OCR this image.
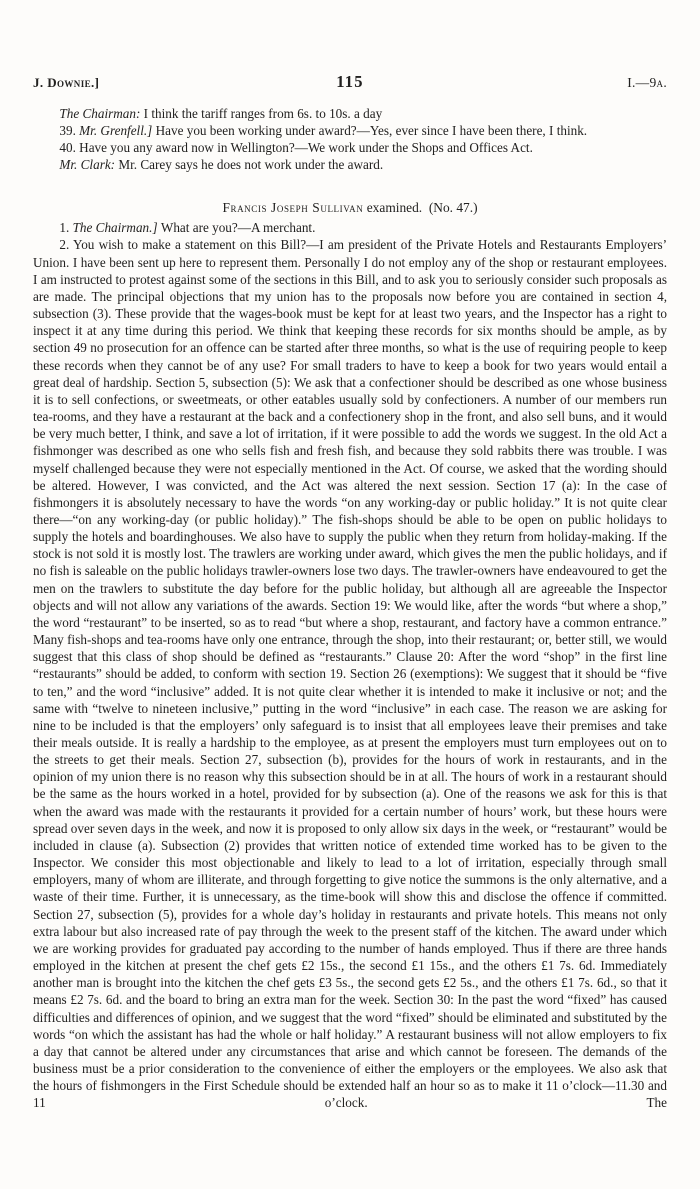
J. Downie.]	115	I.—9a.

The Chairman: I think the tariff ranges from 6s. to 10s. a day

39. Mr. Grenfell.] Have you been working under award?—Yes, ever since I have been there, I think.

40. Have you any award now in Wellington?—We work under the Shops and Offices Act.

Mr. Clark: Mr. Carey says he does not work under the award.

Francis Joseph Sullivan examined. (No. 47.)

1. The Chairman.] What are you?—A merchant.

2. You wish to make a statement on this Bill?—I am president of the Private Hotels and Restaurants Employers’ Union. I have been sent up here to represent them. Personally I do not employ any of the shop or restaurant employees. I am instructed to protest against some of the sections in this Bill, and to ask you to seriously consider such proposals as are made. The principal objections that my union has to the proposals now before you are contained in section 4, subsection (3). These provide that the wages-book must be kept for at least two years, and the Inspector has a right to inspect it at any time during this period. We think that keeping these records for six months should be ample, as by section 49 no prosecution for an offence can be started after three months, so what is the use of requiring people to keep these records when they cannot be of any use? For small traders to have to keep a book for two years would entail a great deal of hardship. Section 5, subsection (5): We ask that a confectioner should be described as one whose business it is to sell confections, or sweetmeats, or other eatables usually sold by confectioners. A number of our members run tea-rooms, and they have a restaurant at the back and a confectionery shop in the front, and also sell buns, and it would be very much better, I think, and save a lot of irritation, if it were possible to add the words we suggest. In the old Act a fishmonger was described as one who sells fish and fresh fish, and because they sold rabbits there was trouble. I was myself challenged because they were not especially mentioned in the Act. Of course, we asked that the wording should be altered. However, I was convicted, and the Act was altered the next session. Section 17 (a): In the case of fishmongers it is absolutely necessary to have the words “on any working-day or public holiday.” It is not quite clear there—“on any working-day (or public holiday).” The fish-shops should be able to be open on public holidays to supply the hotels and boardinghouses. We also have to supply the public when they return from holiday-making. If the stock is not sold it is mostly lost. The trawlers are working under award, which gives the men the public holidays, and if no fish is saleable on the public holidays trawler-owners lose two days. The trawler-owners have endeavoured to get the men on the trawlers to substitute the day before for the public holiday, but although all are agreeable the Inspector objects and will not allow any variations of the awards. Section 19: We would like, after the words “but where a shop,” the word “restaurant” to be inserted, so as to read “but where a shop, restaurant, and factory have a common entrance.” Many fish-shops and tea-rooms have only one entrance, through the shop, into their restaurant; or, better still, we would suggest that this class of shop should be defined as “restaurants.” Clause 20: After the word “shop” in the first line “restaurants” should be added, to conform with section 19. Section 26 (exemptions): We suggest that it should be “five to ten,” and the word “inclusive” added. It is not quite clear whether it is intended to make it inclusive or not; and the same with “twelve to nineteen inclusive,” putting in the word “inclusive” in each case. The reason we are asking for nine to be included is that the employers’ only safeguard is to insist that all employees leave their premises and take their meals outside. It is really a hardship to the employee, as at present the employers must turn employees out on to the streets to get their meals. Section 27, subsection (b), provides for the hours of work in restaurants, and in the opinion of my union there is no reason why this subsection should be in at all. The hours of work in a restaurant should be the same as the hours worked in a hotel, provided for by subsection (a). One of the reasons we ask for this is that when the award was made with the restaurants it provided for a certain number of hours’ work, but these hours were spread over seven days in the week, and now it is proposed to only allow six days in the week, or “restaurant” would be included in clause (a). Subsection (2) provides that written notice of extended time worked has to be given to the Inspector. We consider this most objectionable and likely to lead to a lot of irritation, especially through small employers, many of whom are illiterate, and through forgetting to give notice the summons is the only alternative, and a waste of their time. Further, it is unnecessary, as the time-book will show this and disclose the offence if committed. Section 27, subsection (5), provides for a whole day’s holiday in restaurants and private hotels. This means not only extra labour but also increased rate of pay through the week to the present staff of the kitchen. The award under which we are working provides for graduated pay according to the number of hands employed. Thus if there are three hands employed in the kitchen at present the chef gets £2 15s., the second £1 15s., and the others £1 7s. 6d. Immediately another man is brought into the kitchen the chef gets £3 5s., the second gets £2 5s., and the others £1 7s. 6d., so that it means £2 7s. 6d. and the board to bring an extra man for the week. Section 30: In the past the word “fixed” has caused difficulties and differences of opinion, and we suggest that the word “fixed” should be eliminated and substituted by the words “on which the assistant has had the whole or half holiday.” A restaurant business will not allow employers to fix a day that cannot be altered under any circumstances that arise and which cannot be foreseen. The demands of the business must be a prior consideration to the convenience of either the employers or the employees. We also ask that the hours of fishmongers in the First Schedule should be extended half an hour so as to make it 11 o’clock—11.30 and 11 o’clock. The
